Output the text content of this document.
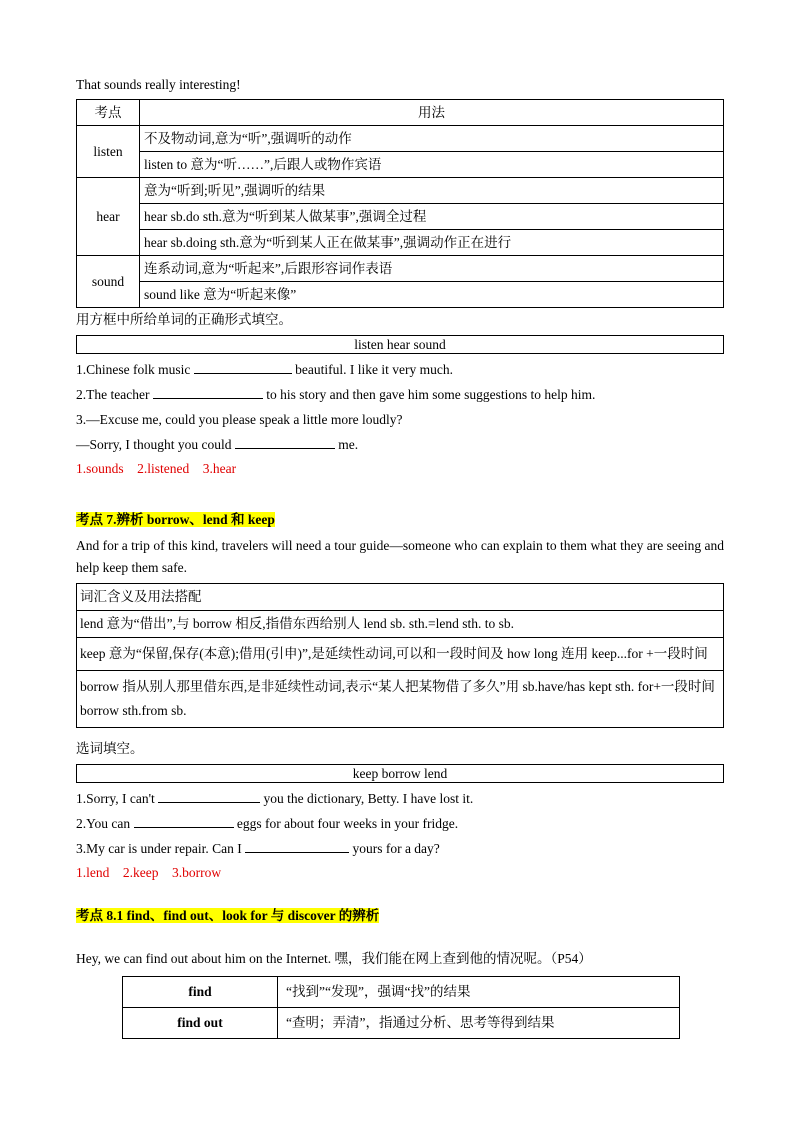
That sounds really interesting!
考点	用法
listen	不及物动词,意为“听”,强调听的动作
	listen to 意为“听……”,后跟人或物作宾语
hear	意为“听到;听见”,强调听的结果
	hear sb.do sth.意为“听到某人做某事”,强调全过程
	hear sb.doing sth.意为“听到某人正在做某事”,强调动作正在进行
sound	连系动词,意为“听起来”,后跟形容词作表语
	sound like 意为“听起来像”
用方框中所给单词的正确形式填空。
listen hear sound
1.Chinese folk music	beautiful. I like it very much.
2.The teacher	to his story and then gave him some suggestions to help him.
3.—Excuse me, could you please speak a little more loudly?
—Sorry, I thought you could	me.
1.sounds    2.listened    3.hear
考点 7.辨析 borrow、lend 和 keep
And for a trip of this kind, travelers will need a tour guide—someone who can explain to them what they are seeing and help keep them safe.
词汇含义及用法搭配
lend 意为“借出”,与 borrow 相反,指借东西给别人 lend sb. sth.=lend sth. to sb.
keep 意为“保留,保存(本意);借用(引申)”,是延续性动词,可以和一段时间及 how long 连用 keep...for +一段时间
borrow 指从别人那里借东西,是非延续性动词,表示“某人把某物借了多久”用 sb.have/has kept sth. for+一段时间 borrow sth.from sb.
选词填空。
keep borrow lend
1.Sorry, I can't	you the dictionary, Betty. I have lost it.
2.You can	eggs for about four weeks in your fridge.
3.My car is under repair. Can I	yours for a day?
1.lend    2.keep    3.borrow
考点 8.1 find、find out、look for 与 discover 的辨析
Hey, we can find out about him on the Internet. 嘿，我们能在网上查到他的情况呢。（P54）
find	“找到”“发现”，强调“找”的结果
find out	“查明；弄清”，指通过分析、思考等得到结果
